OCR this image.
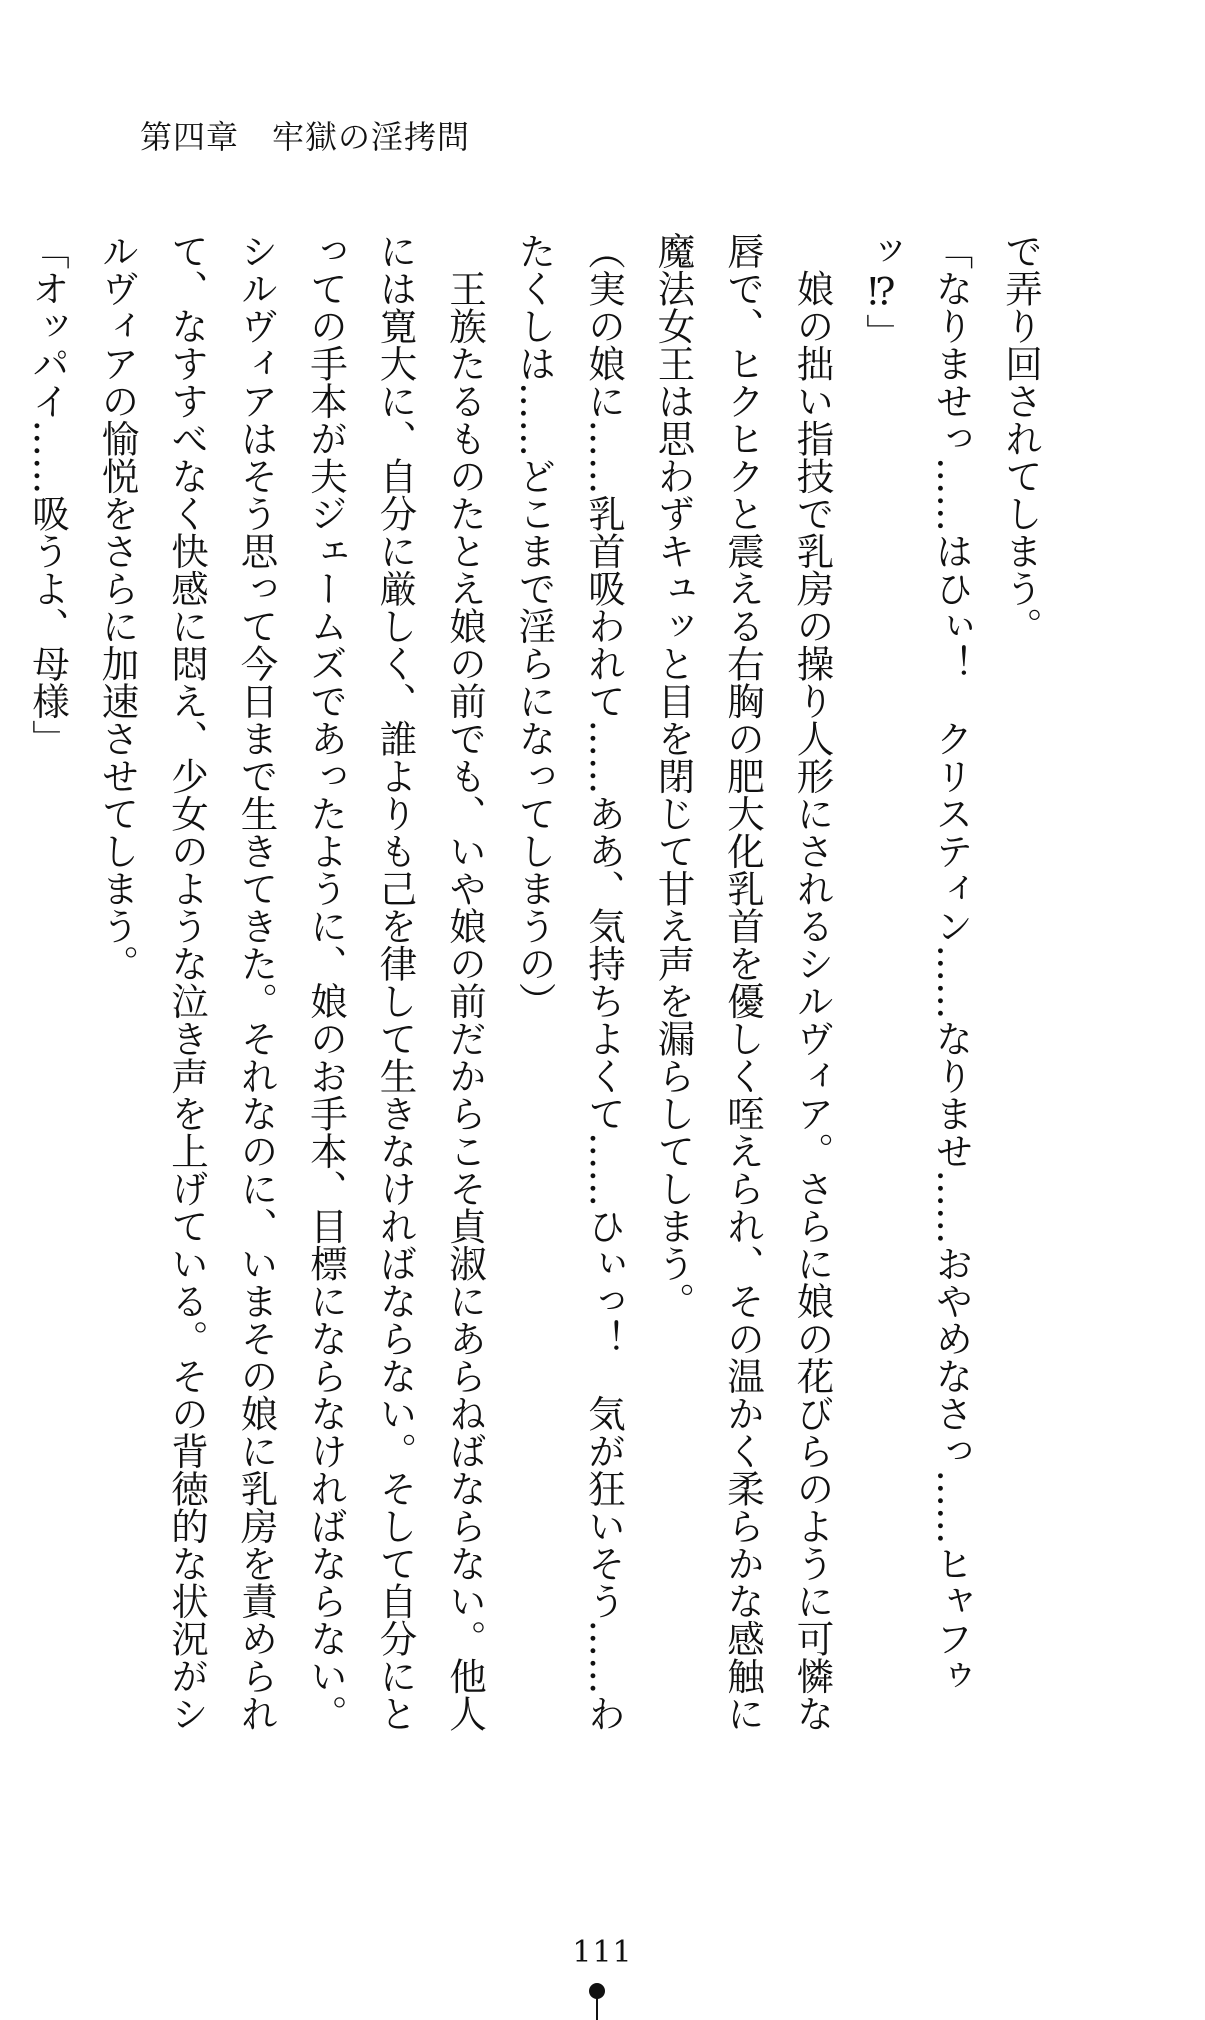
第四章　牢獄の淫拷問
で弄り回されてしまう。
「なりませっ……はひぃ！　クリスティン……なりませ……おやめなさっ……ヒャフゥ
ッ⁉」
　娘の拙い指技で乳房の操り人形にされるシルヴィア。さらに娘の花びらのように可憐な
唇で、ヒクヒクと震える右胸の肥大化乳首を優しく咥えられ、その温かく柔らかな感触に
魔法女王は思わずキュッと目を閉じて甘え声を漏らしてしまう。
（実の娘に……乳首吸われて……ああ、気持ちよくて……ひぃっ！　気が狂いそう……わ
たくしは……どこまで淫らになってしまうの）
　王族たるものたとえ娘の前でも、いや娘の前だからこそ貞淑にあらねばならない。他人
には寛大に、自分に厳しく、誰よりも己を律して生きなければならない。そして自分にと
っての手本が夫ジェームズであったように、娘のお手本、目標にならなければならない。
シルヴィアはそう思って今日まで生きてきた。それなのに、いまその娘に乳房を責められ
て、なすすべなく快感に悶え、少女のような泣き声を上げている。その背徳的な状況がシ
ルヴィアの愉悦をさらに加速させてしまう。
「オッパイ……吸うよ、母様」
111
